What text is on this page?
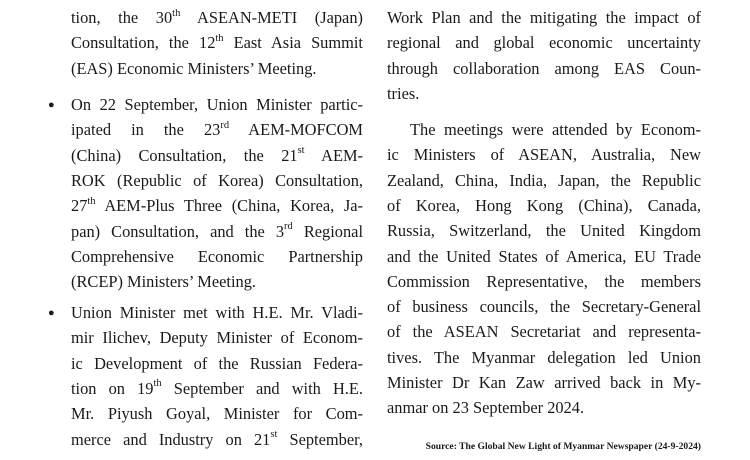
tion, the 30th ASEAN-METI (Japan)
Consultation, the 12th East Asia Summit
(EAS) Economic Ministers’ Meeting.
● On 22 September, Union Minister partic-
ipated in the 23rd AEM-MOFCOM
(China) Consultation, the 21st AEM-
ROK (Republic of Korea) Consultation,
27th AEM-Plus Three (China, Korea, Ja-
pan) Consultation, and the 3rd Regional
Comprehensive Economic Partnership
(RCEP) Ministers’ Meeting.
● Union Minister met with H.E. Mr. Vladi-
mir Ilichev, Deputy Minister of Econom-
ic Development of the Russian Federa-
tion on 19th September and with H.E.
Mr. Piyush Goyal, Minister for Com-
merce and Industry on 21st September,
Work Plan and the mitigating the impact of
regional and global economic uncertainty
through collaboration among EAS Coun-
tries.
The meetings were attended by Econom-
ic Ministers of ASEAN, Australia, New
Zealand, China, India, Japan, the Republic
of Korea, Hong Kong (China), Canada,
Russia, Switzerland, the United Kingdom
and the United States of America, EU Trade
Commission Representative, the members
of business councils, the Secretary-General
of the ASEAN Secretariat and representa-
tives. The Myanmar delegation led Union
Minister Dr Kan Zaw arrived back in My-
anmar on 23 September 2024.
Source: The Global New Light of Myanmar Newspaper (24-9-2024)
